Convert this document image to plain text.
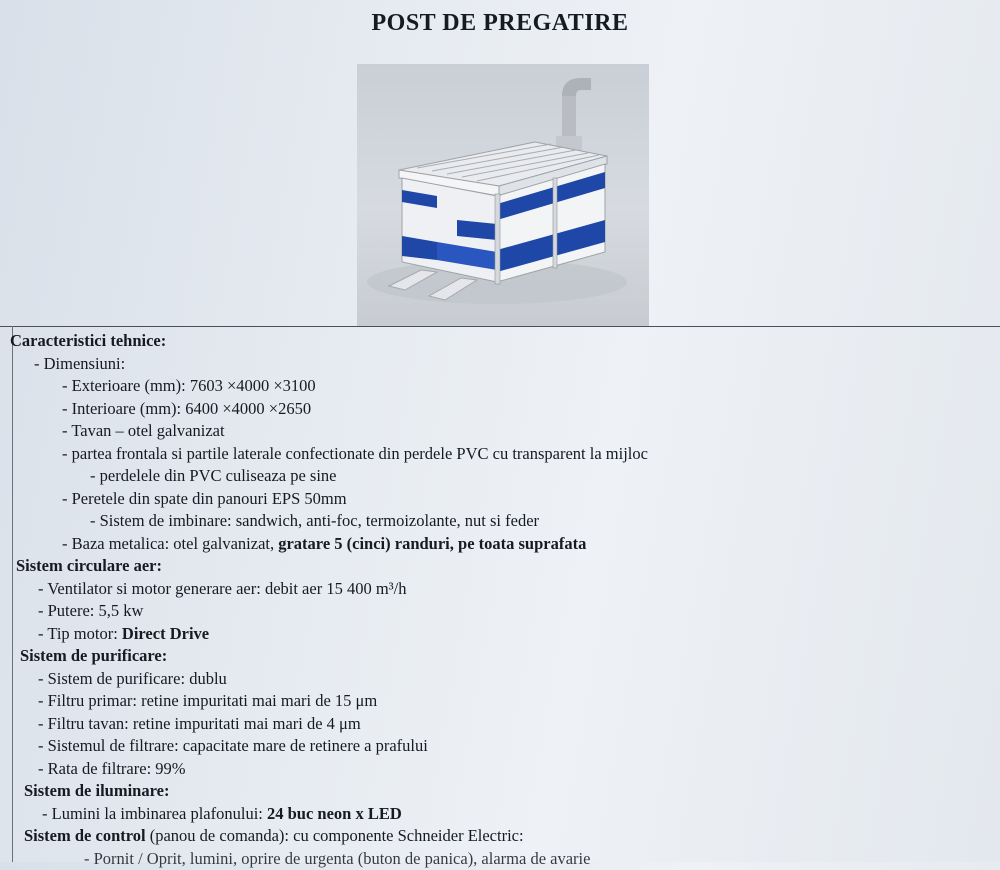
POST DE PREGATIRE
Caracteristici tehnice:
- Dimensiuni:
- Exterioare (mm): 7603 ×4000 ×3100
- Interioare (mm): 6400 ×4000 ×2650
- Tavan – otel galvanizat
- partea frontala si partile laterale confectionate din perdele PVC cu transparent la mijloc
- perdelele din PVC culiseaza pe sine
- Peretele din spate din panouri EPS 50mm
- Sistem de imbinare: sandwich, anti-foc, termoizolante, nut si feder
- Baza metalica: otel galvanizat, gratare 5 (cinci) randuri, pe toata suprafata
Sistem circulare aer:
- Ventilator si motor generare aer: debit aer 15 400 m³/h
- Putere: 5,5 kw
- Tip motor: Direct Drive
Sistem de purificare:
- Sistem de purificare: dublu
- Filtru primar: retine impuritati mai mari de 15 μm
- Filtru tavan: retine impuritati mai mari de 4 μm
- Sistemul de filtrare: capacitate mare de retinere a prafului
- Rata de filtrare: 99%
Sistem de iluminare:
- Lumini la imbinarea plafonului: 24 buc neon x LED
Sistem de control (panou de comanda): cu componente Schneider Electric:
- Pornit / Oprit, lumini, oprire de urgenta (buton de panica), alarma de avarie
